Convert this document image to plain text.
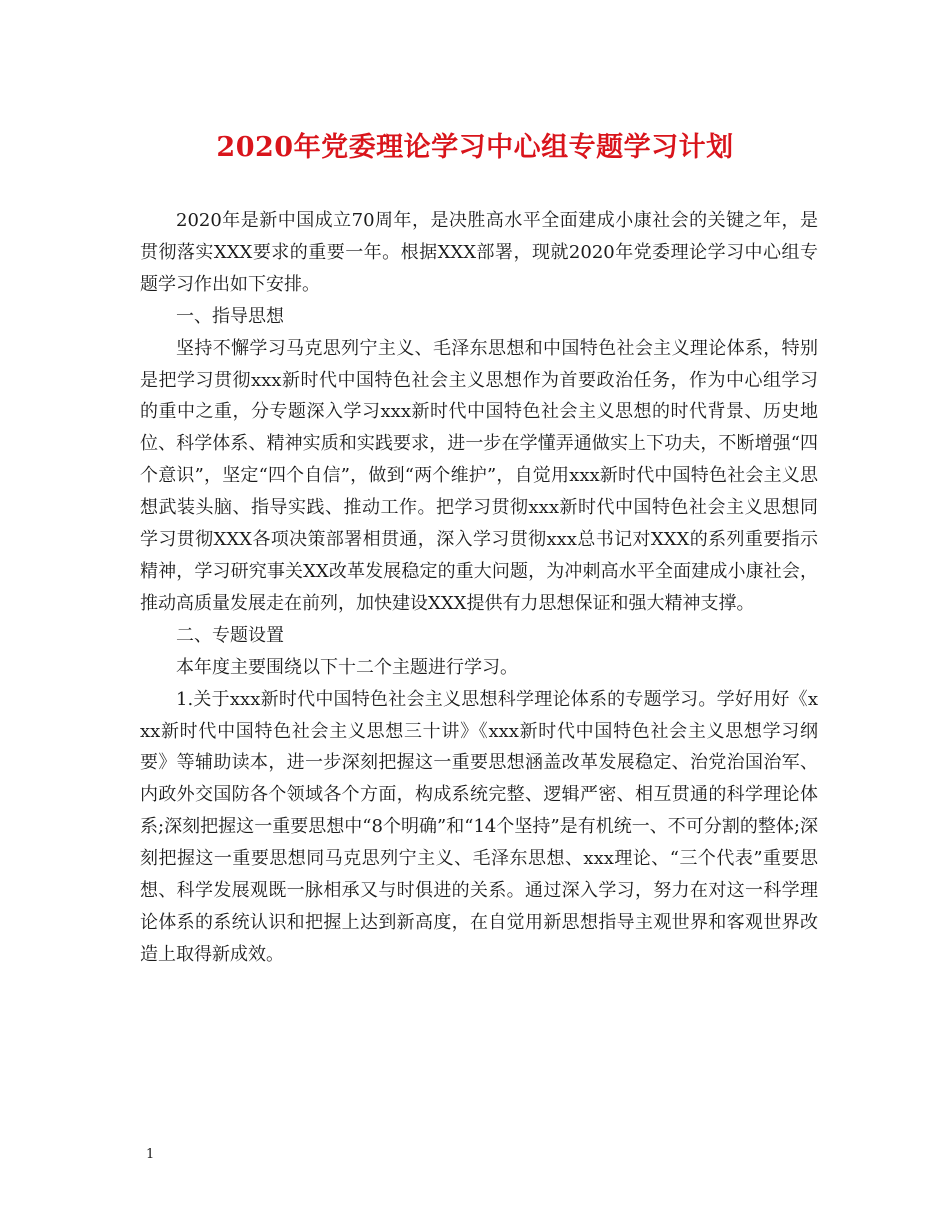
2020年党委理论学习中心组专题学习计划

2020年是新中国成立70周年，是决胜高水平全面建成小康社会的关键之年，是贯彻落实XXX要求的重要一年。根据XXX部署，现就2020年党委理论学习中心组专题学习作出如下安排。

一、指导思想

坚持不懈学习马克思列宁主义、毛泽东思想和中国特色社会主义理论体系，特别是把学习贯彻xxx新时代中国特色社会主义思想作为首要政治任务，作为中心组学习的重中之重，分专题深入学习xxx新时代中国特色社会主义思想的时代背景、历史地位、科学体系、精神实质和实践要求，进一步在学懂弄通做实上下功夫，不断增强“四个意识”，坚定“四个自信”，做到“两个维护”，自觉用xxx新时代中国特色社会主义思想武装头脑、指导实践、推动工作。把学习贯彻xxx新时代中国特色社会主义思想同学习贯彻XXX各项决策部署相贯通，深入学习贯彻xxx总书记对XXX的系列重要指示精神，学习研究事关XX改革发展稳定的重大问题，为冲刺高水平全面建成小康社会，推动高质量发展走在前列，加快建设XXX提供有力思想保证和强大精神支撑。

二、专题设置

本年度主要围绕以下十二个主题进行学习。

1.关于xxx新时代中国特色社会主义思想科学理论体系的专题学习。学好用好《xxx新时代中国特色社会主义思想三十讲》《xxx新时代中国特色社会主义思想学习纲要》等辅助读本，进一步深刻把握这一重要思想涵盖改革发展稳定、治党治国治军、内政外交国防各个领域各个方面，构成系统完整、逻辑严密、相互贯通的科学理论体系;深刻把握这一重要思想中“8个明确”和“14个坚持”是有机统一、不可分割的整体;深刻把握这一重要思想同马克思列宁主义、毛泽东思想、xxx理论、“三个代表”重要思想、科学发展观既一脉相承又与时俱进的关系。通过深入学习，努力在对这一科学理论体系的系统认识和把握上达到新高度，在自觉用新思想指导主观世界和客观世界改造上取得新成效。

1
